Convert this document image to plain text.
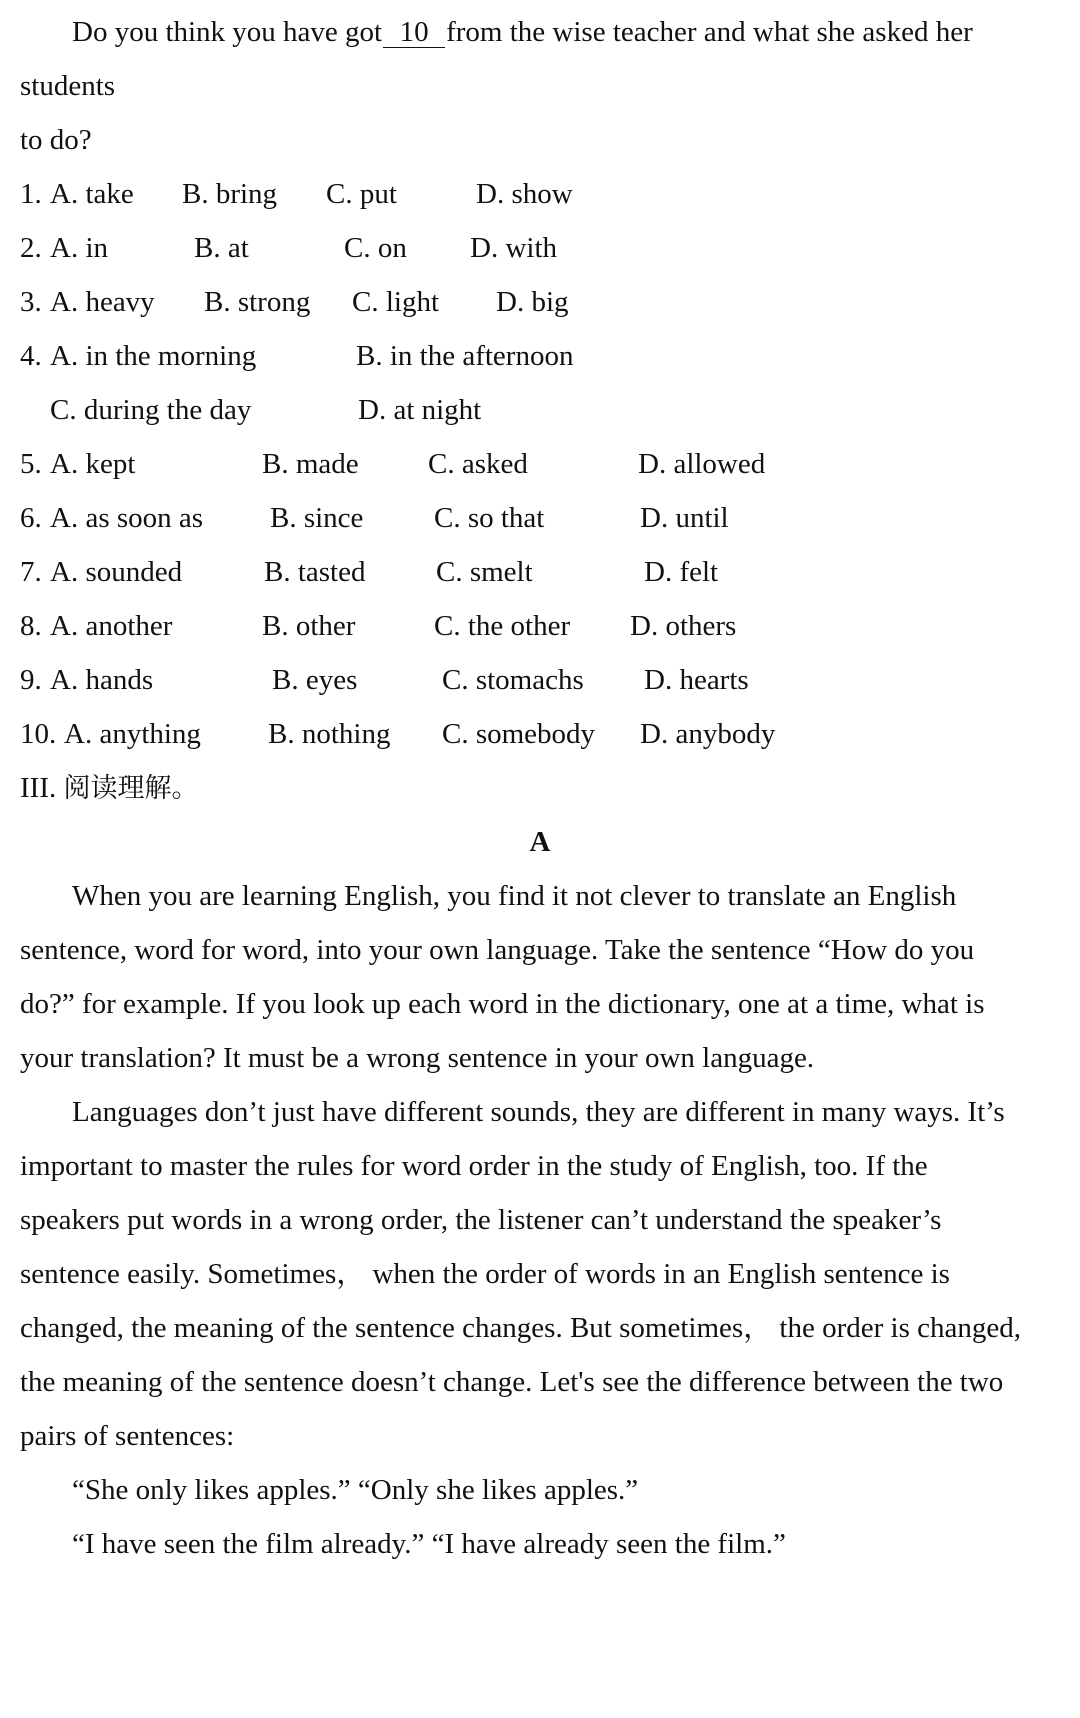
Do you think you have got 10 from the wise teacher and what she asked her
students
to do?
1. A. take B. bring C. put	D. show
2. A. in	B. at	C. on D. with
3. A. heavy B. strong C. light D. big
4. A. in the morning	B. in the afternoon
C. during the day	D. at night
5. A. kept	B. made C. asked	D. allowed
6. A. as soon as B. since C. so that	D. until
7. A. sounded	B. tasted C. smelt	D. felt
8. A. another	B. other	C. the other D. others
9. A. hands	B. eyes	C. stomachs D. hearts
10. A. anything B. nothing C. somebody D. anybody
III. 阅读理解。
A
When you are learning English, you find it not clever to translate an English
sentence, word for word, into your own language. Take the sentence “How do you
do?” for example. If you look up each word in the dictionary, one at a time, what is
your translation? It must be a wrong sentence in your own language.
Languages don’t just have different sounds, they are different in many ways. It’s
important to master the rules for word order in the study of English, too. If the
speakers put words in a wrong order, the listener can’t understand the speaker’s
sentence easily. Sometimes， when the order of words in an English sentence is
changed, the meaning of the sentence changes. But sometimes， the order is changed,
the meaning of the sentence doesn’t change. Let's see the difference between the two
pairs of sentences:
“She only likes apples.” “Only she likes apples.”
“I have seen the film already.” “I have already seen the film.”
